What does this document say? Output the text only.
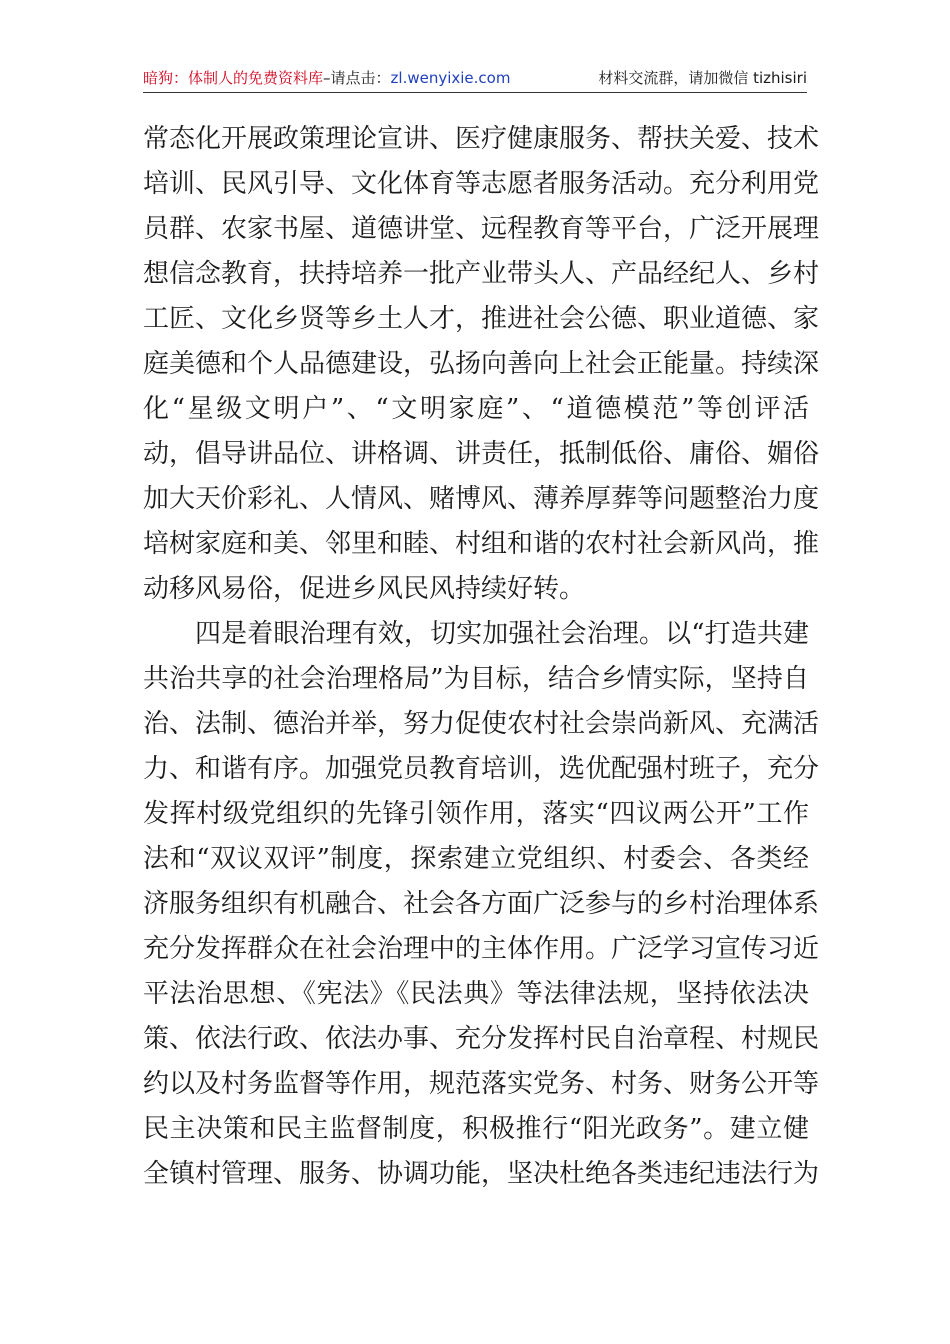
暗狗：体制人的免费资料库–请点击：zl.wenyixie.com	材料交流群，请加微信 tizhisiri
常态化开展政策理论宣讲、医疗健康服务、帮扶关爱、技术
培训、民风引导、文化体育等志愿者服务活动。充分利用党
员群、农家书屋、道德讲堂、远程教育等平台，广泛开展理
想信念教育，扶持培养一批产业带头人、产品经纪人、乡村
工匠、文化乡贤等乡土人才，推进社会公德、职业道德、家
庭美德和个人品德建设，弘扬向善向上社会正能量。持续深
化“星级文明户”、“文明家庭”、“道德模范”等创评活
动，倡导讲品位、讲格调、讲责任，抵制低俗、庸俗、媚俗
加大天价彩礼、人情风、赌博风、薄养厚葬等问题整治力度
培树家庭和美、邻里和睦、村组和谐的农村社会新风尚，推
动移风易俗，促进乡风民风持续好转。
四是着眼治理有效，切实加强社会治理。以“打造共建
共治共享的社会治理格局”为目标，结合乡情实际，坚持自
治、法制、德治并举，努力促使农村社会崇尚新风、充满活
力、和谐有序。加强党员教育培训，选优配强村班子，充分
发挥村级党组织的先锋引领作用，落实“四议两公开”工作
法和“双议双评”制度，探索建立党组织、村委会、各类经
济服务组织有机融合、社会各方面广泛参与的乡村治理体系
充分发挥群众在社会治理中的主体作用。广泛学习宣传习近
平法治思想、《宪法》《民法典》等法律法规，坚持依法决
策、依法行政、依法办事、充分发挥村民自治章程、村规民
约以及村务监督等作用，规范落实党务、村务、财务公开等
民主决策和民主监督制度，积极推行“阳光政务”。建立健
全镇村管理、服务、协调功能，坚决杜绝各类违纪违法行为
